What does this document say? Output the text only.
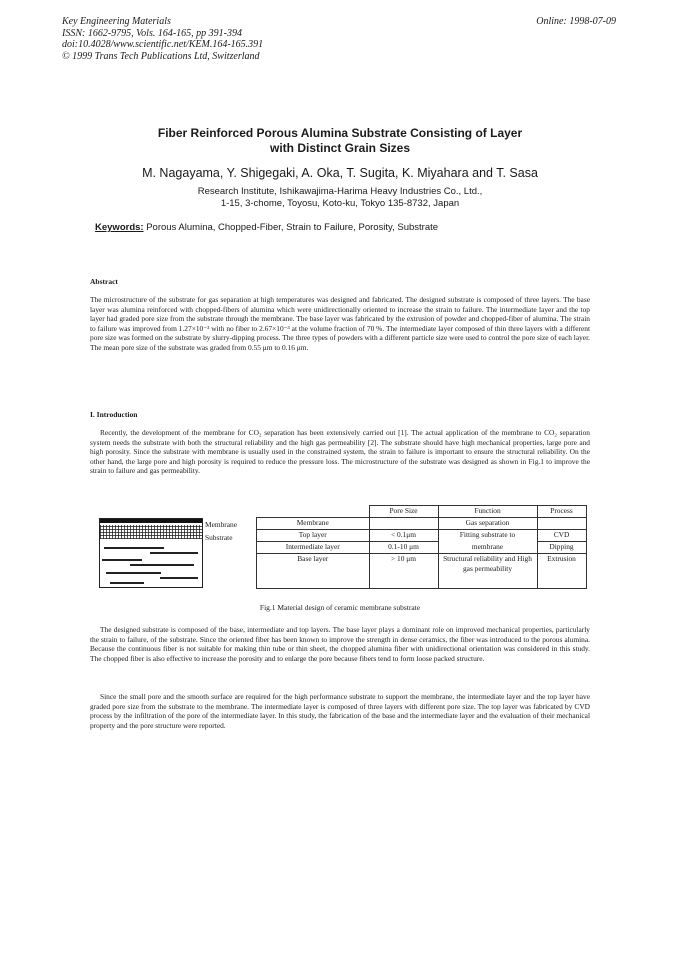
Key Engineering Materials
ISSN: 1662-9795, Vols. 164-165, pp 391-394
doi:10.4028/www.scientific.net/KEM.164-165.391
© 1999 Trans Tech Publications Ltd, Switzerland
Online: 1998-07-09
Fiber Reinforced Porous Alumina Substrate Consisting of Layer
with Distinct Grain Sizes
M. Nagayama, Y. Shigegaki, A. Oka, T. Sugita, K. Miyahara and T. Sasa
Research Institute, Ishikawajima-Harima Heavy Industries Co., Ltd.,
1-15, 3-chome, Toyosu, Koto-ku, Tokyo 135-8732, Japan
Keywords: Porous Alumina, Chopped-Fiber, Strain to Failure, Porosity, Substrate
Abstract

The microstructure of the substrate for gas separation at high temperatures was designed and fabricated. The designed substrate is composed of three layers. The base layer was alumina reinforced with chopped-fibers of alumina which were unidirectionally oriented to increase the strain to failure. The intermediate layer and the top layer had graded pore size from the substrate through the membrane. The base layer was fabricated by the extrusion of powder and chopped-fiber of alumina. The strain to failure was improved from 1.27×10⁻³ with no fiber to 2.67×10⁻³ at the volume fraction of 70 %. The intermediate layer composed of thin three layers with a different pore size was formed on the substrate by slurry-dipping process. The three types of powders with a different particle size were used to control the pore size of each layer. The mean pore size of the substrate was graded from 0.55 μm to 0.16 μm.

I. Introduction

Recently, the development of the membrane for CO₂ separation has been extensively carried out [1]. The actual application of the membrane to CO₂ separation system needs the substrate with both the structural reliability and the high gas permeability [2]. The substrate should have high mechanical properties, large pore and high porosity. Since the substrate with membrane is usually used in the constrained system, the strain to failure is important to ensure the structural reliability. On the other hand, the large pore and high porosity is required to reduce the pressure loss. The microstructure of the substrate was designed as shown in Fig.1 to improve the strain to failure and gas permeability.

Membrane
Substrate
	Pore Size	Function	Process
Membrane		Gas separation	
Top layer	< 0.1μm	Fitting substrate to	CVD
Intermediate layer	0.1-10 μm	membrane	Dipping
Base layer	> 10 μm	Structural reliability and High gas permeability	Extrusion
Fig.1 Material design of ceramic membrane substrate

The designed substrate is composed of the base, intermediate and top layers. The base layer plays a dominant role on improved mechanical properties, particularly the strain to failure, of the substrate. Since the oriented fiber has been known to improve the strength in dense ceramics, the fiber was introduced to the porous alumina. Because the continuous fiber is not suitable for making thin tube or thin sheet, the chopped alumina fiber with unidirectional orientation was considered in this study. The chopped fiber is also effective to increase the porosity and to enlarge the pore because fibers tend to form loose packed structure.

Since the small pore and the smooth surface are required for the high performance substrate to support the membrane, the intermediate layer and the top layer have graded pore size from the substrate to the membrane. The intermediate layer is composed of three layers with different pore size. The top layer was fabricated by CVD process by the infiltration of the pore of the intermediate layer. In this study, the fabrication of the base and the intermediate layer and the evaluation of their mechanical property and the pore structure were reported.
